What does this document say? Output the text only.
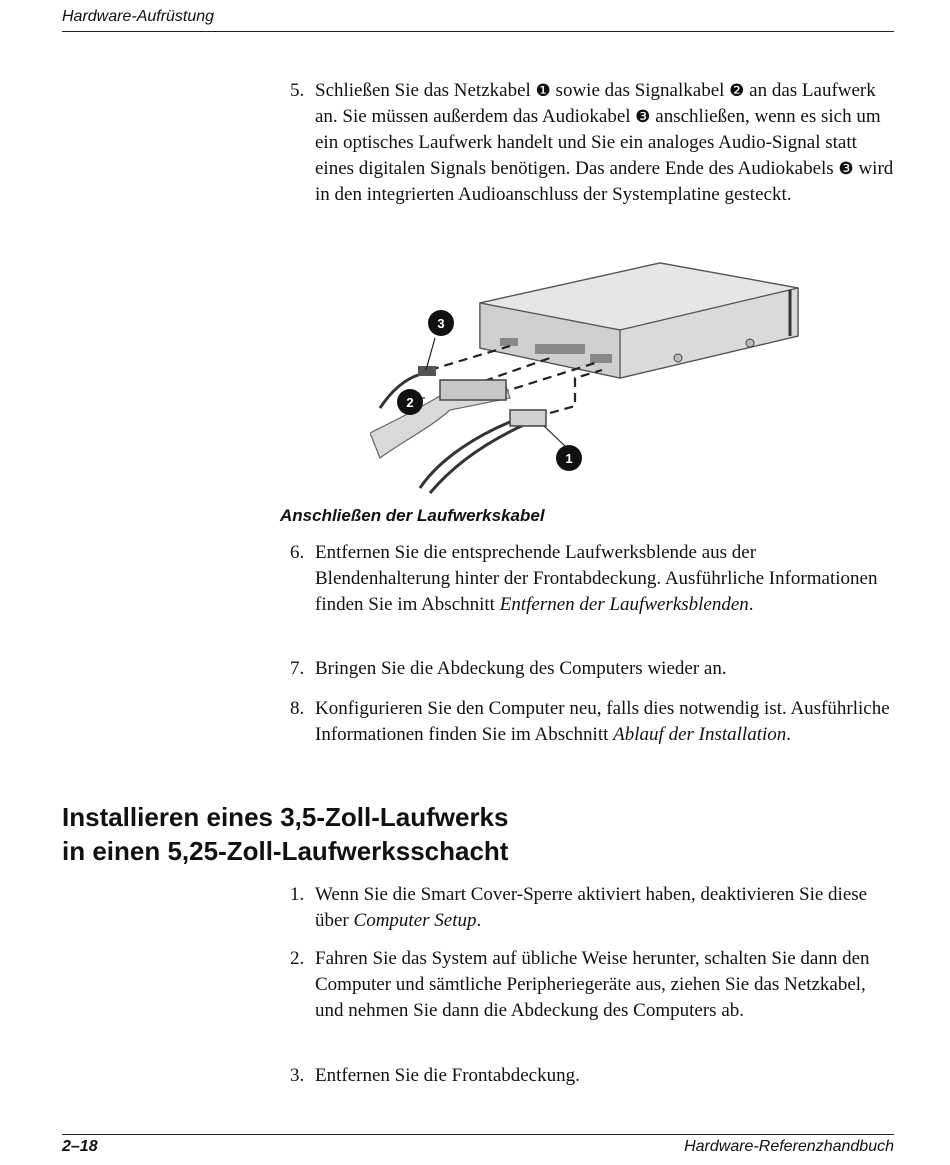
Hardware-Aufrüstung
5. Schließen Sie das Netzkabel ❶ sowie das Signalkabel ❷ an das Laufwerk an. Sie müssen außerdem das Audiokabel ❸ anschließen, wenn es sich um ein optisches Laufwerk handelt und Sie ein analoges Audio-Signal statt eines digitalen Signals benötigen. Das andere Ende des Audiokabels ❸ wird in den integrierten Audioanschluss der Systemplatine gesteckt.
3
2
1
Anschließen der Laufwerkskabel
6. Entfernen Sie die entsprechende Laufwerksblende aus der Blendenhalterung hinter der Frontabdeckung. Ausführliche Informationen finden Sie im Abschnitt Entfernen der Laufwerksblenden.
7. Bringen Sie die Abdeckung des Computers wieder an.
8. Konfigurieren Sie den Computer neu, falls dies notwendig ist. Ausführliche Informationen finden Sie im Abschnitt Ablauf der Installation.
Installieren eines 3,5-Zoll-Laufwerks
in einen 5,25-Zoll-Laufwerksschacht
1. Wenn Sie die Smart Cover-Sperre aktiviert haben, deaktivieren Sie diese über Computer Setup.
2. Fahren Sie das System auf übliche Weise herunter, schalten Sie dann den Computer und sämtliche Peripheriegeräte aus, ziehen Sie das Netzkabel, und nehmen Sie dann die Abdeckung des Computers ab.
3. Entfernen Sie die Frontabdeckung.
2–18	Hardware-Referenzhandbuch
